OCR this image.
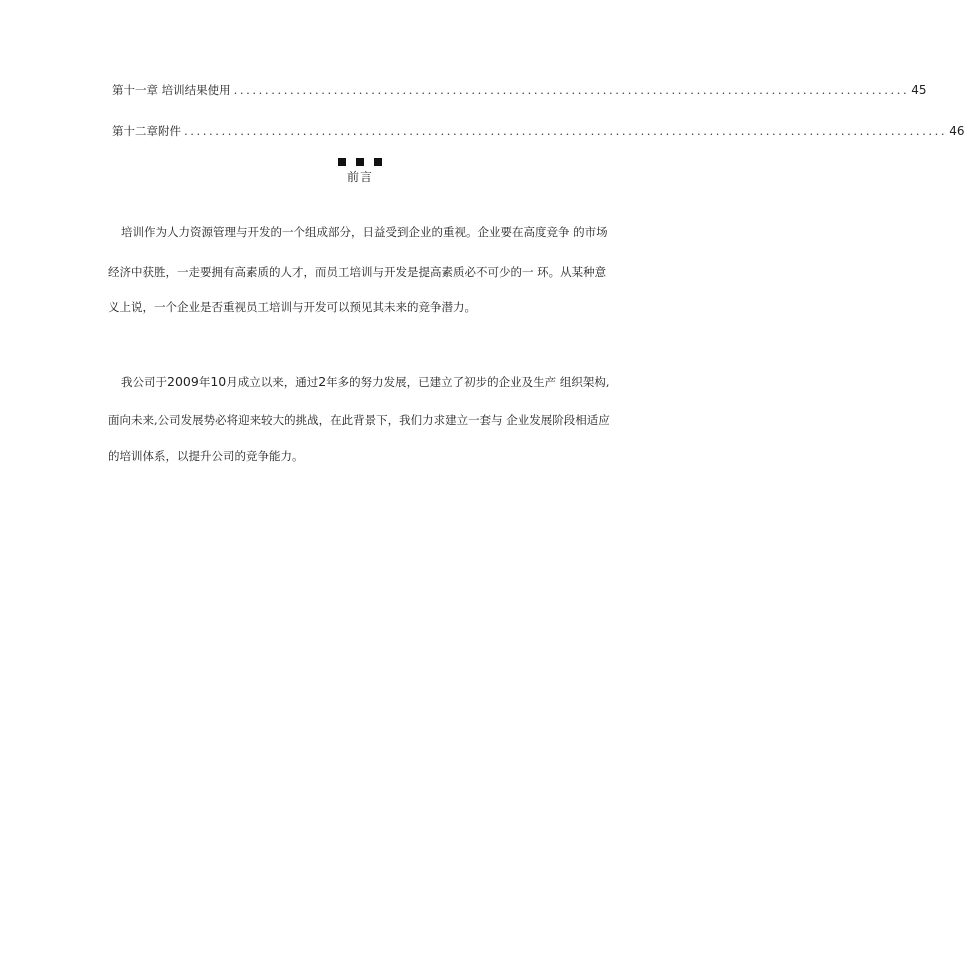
第十一章 培训结果使用 ............................................................................................................ 45
第十二章附件 .......................................................................................................................... 46
前言
培训作为人力资源管理与开发的一个组成部分，日益受到企业的重视。企业要在高度竞争 的市场
经济中获胜，一走要拥有高素质的人才，而员工培训与开发是提高素质必不可少的一 环。从某种意
义上说，一个企业是否重视员工培训与开发可以预见其未来的竞争潜力。
我公司于2009年10月成立以来，通过2年多的努力发展，已建立了初步的企业及生产 组织架构,
面向未来,公司发展势必将迎来较大的挑战，在此背景下，我们力求建立一套与 企业发展阶段相适应
的培训体系，以提升公司的竞争能力。
